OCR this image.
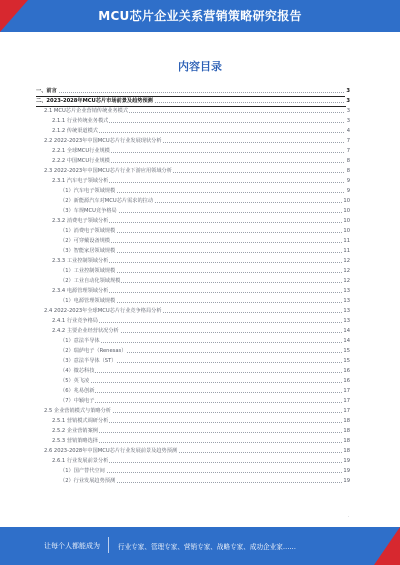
MCU芯片企业关系营销策略研究报告
内容目录
一、前言	3
二、2023-2028年MCU芯片市场前景及趋势预测	3
2.1 MCU芯片企业营销传统业务模式	3
2.1.1 行业传统业务模式	3
2.1.2 传统渠道模式	4
2.2 2022-2023年中国MCU芯片行业发展现状分析	7
2.2.1 全球MCU行业规模	7
2.2.2 中国MCU行业规模	8
2.3 2022-2023年中国MCU芯片行业下游应用领域分析	8
2.3.1 汽车电子领域分析	9
（1）汽车电子领域规模	9
（2）新能源汽车对MCU芯片需求的拉动	10
（3）车规MCU竞争格局	10
2.3.2 消费电子领域分析	10
（1）消费电子领域规模	10
（2）可穿戴设备规模	11
（3）智能家居领域规模	11
2.3.3 工业控制领域分析	12
（1）工业控制领域规模	12
（2）工业自动化领域规模	12
2.3.4 电源管理领域分析	13
（1）电源管理领域规模	13
2.4 2022-2023年全球MCU芯片行业竞争格局分析	13
2.4.1 行业竞争格局	13
2.4.2 主要企业经营状况分析	14
（1）意法半导体	14
（2）瑞萨电子（Renesas）	15
（3）意法半导体（ST）	15
（4）微芯科技	16
（5）英飞凌	16
（6）兆易创新	17
（7）中颖电子	17
2.5 企业营销模式与策略分析	17
2.5.1 营销模式调研分析	18
2.5.2 企业营销案例	18
2.5.3 营销策略选择	18
2.6 2023-2028年中国MCU芯片行业发展前景及趋势预测	18
2.6.1 行业发展前景分析	19
（1）国产替代空间	19
（2）行业发展趋势预测	19
·
让每个人都能成为	行业专家、管理专家、营销专家、战略专家、成功企业家……
